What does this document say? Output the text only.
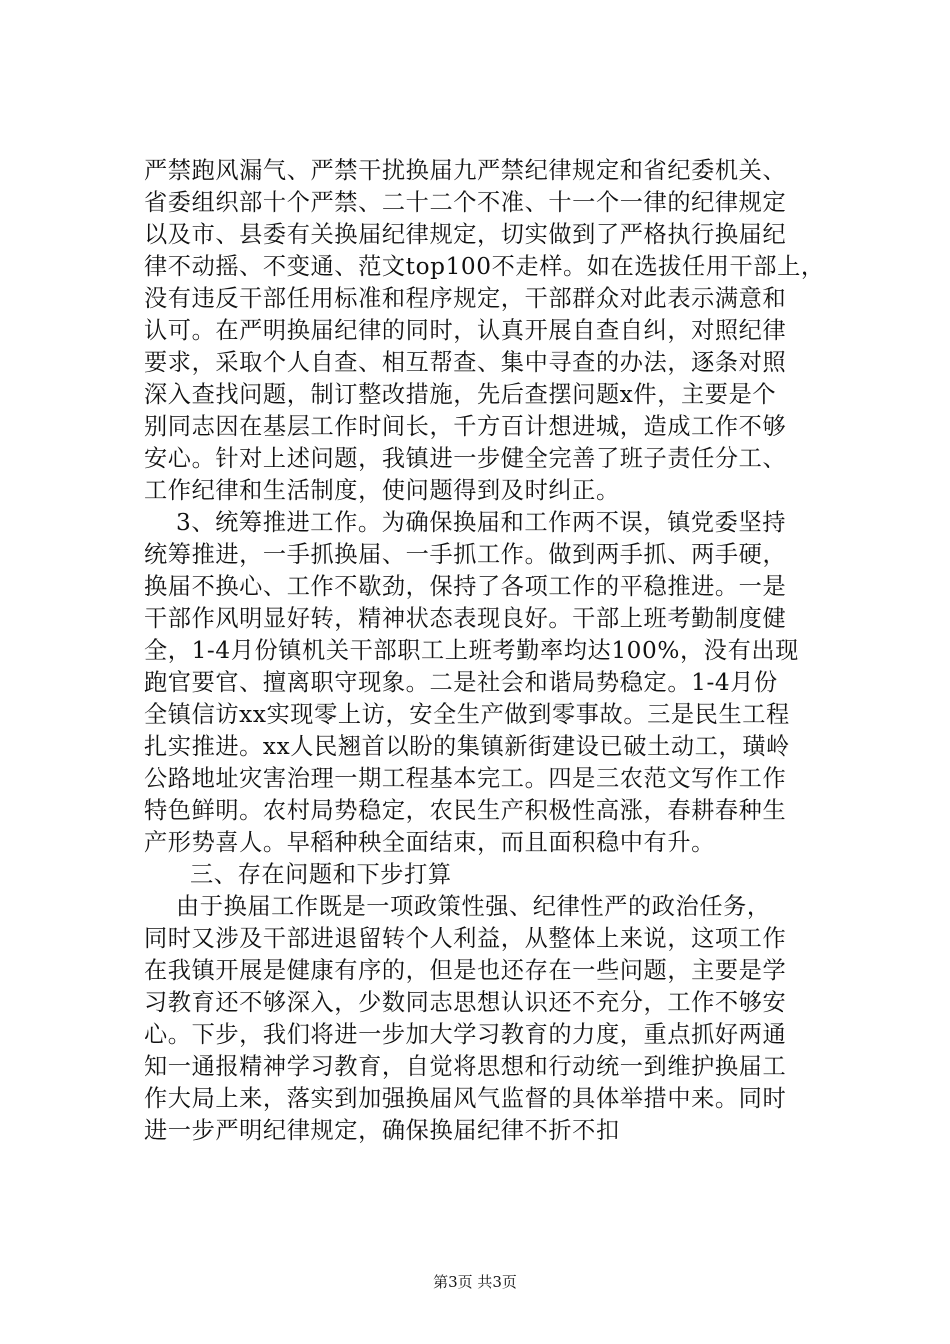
严禁跑风漏气、严禁干扰换届九严禁纪律规定和省纪委机关、
省委组织部十个严禁、二十二个不准、十一个一律的纪律规定
以及市、县委有关换届纪律规定，切实做到了严格执行换届纪
律不动摇、不变通、范文top100不走样。如在选拔任用干部上，
没有违反干部任用标准和程序规定，干部群众对此表示满意和
认可。在严明换届纪律的同时，认真开展自查自纠，对照纪律
要求，采取个人自查、相互帮查、集中寻查的办法，逐条对照
深入查找问题，制订整改措施，先后查摆问题x件，主要是个
别同志因在基层工作时间长，千方百计想进城，造成工作不够
安心。针对上述问题，我镇进一步健全完善了班子责任分工、
工作纪律和生活制度，使问题得到及时纠正。
3、统筹推进工作。为确保换届和工作两不误，镇党委坚持
统筹推进，一手抓换届、一手抓工作。做到两手抓、两手硬，
换届不换心、工作不歇劲，保持了各项工作的平稳推进。一是
干部作风明显好转，精神状态表现良好。干部上班考勤制度健
全，1-4月份镇机关干部职工上班考勤率均达100%，没有出现
跑官要官、擅离职守现象。二是社会和谐局势稳定。1-4月份
全镇信访xx实现零上访，安全生产做到零事故。三是民生工程
扎实推进。xx人民翘首以盼的集镇新街建设已破土动工，璜岭
公路地址灾害治理一期工程基本完工。四是三农范文写作工作
特色鲜明。农村局势稳定，农民生产积极性高涨，春耕春种生
产形势喜人。早稻种秧全面结束，而且面积稳中有升。
三、存在问题和下步打算
由于换届工作既是一项政策性强、纪律性严的政治任务，
同时又涉及干部进退留转个人利益，从整体上来说，这项工作
在我镇开展是健康有序的，但是也还存在一些问题，主要是学
习教育还不够深入，少数同志思想认识还不充分，工作不够安
心。下步，我们将进一步加大学习教育的力度，重点抓好两通
知一通报精神学习教育，自觉将思想和行动统一到维护换届工
作大局上来，落实到加强换届风气监督的具体举措中来。同时
进一步严明纪律规定，确保换届纪律不折不扣
第3页 共3页
